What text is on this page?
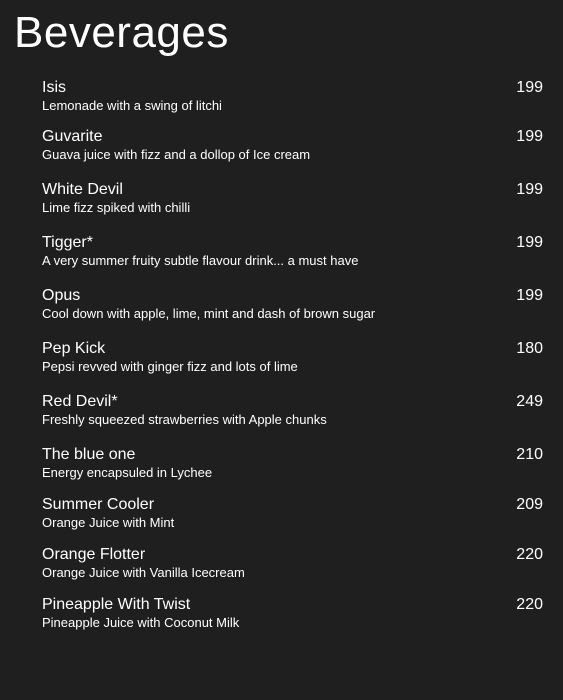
Beverages
Isis
Lemonade with a swing of litchi
199
Guvarite
Guava juice with fizz and a dollop of Ice cream
199
White Devil
Lime fizz spiked with chilli
199
Tigger*
A very summer fruity subtle flavour drink... a must have
199
Opus
Cool down with apple, lime, mint and dash of brown sugar
199
Pep Kick
Pepsi revved with ginger fizz and lots of lime
180
Red Devil*
Freshly squeezed strawberries with Apple chunks
249
The blue one
Energy encapsuled in Lychee
210
Summer Cooler
Orange Juice with Mint
209
Orange Flotter
Orange Juice with Vanilla Icecream
220
Pineapple With Twist
Pineapple Juice with Coconut Milk
220
